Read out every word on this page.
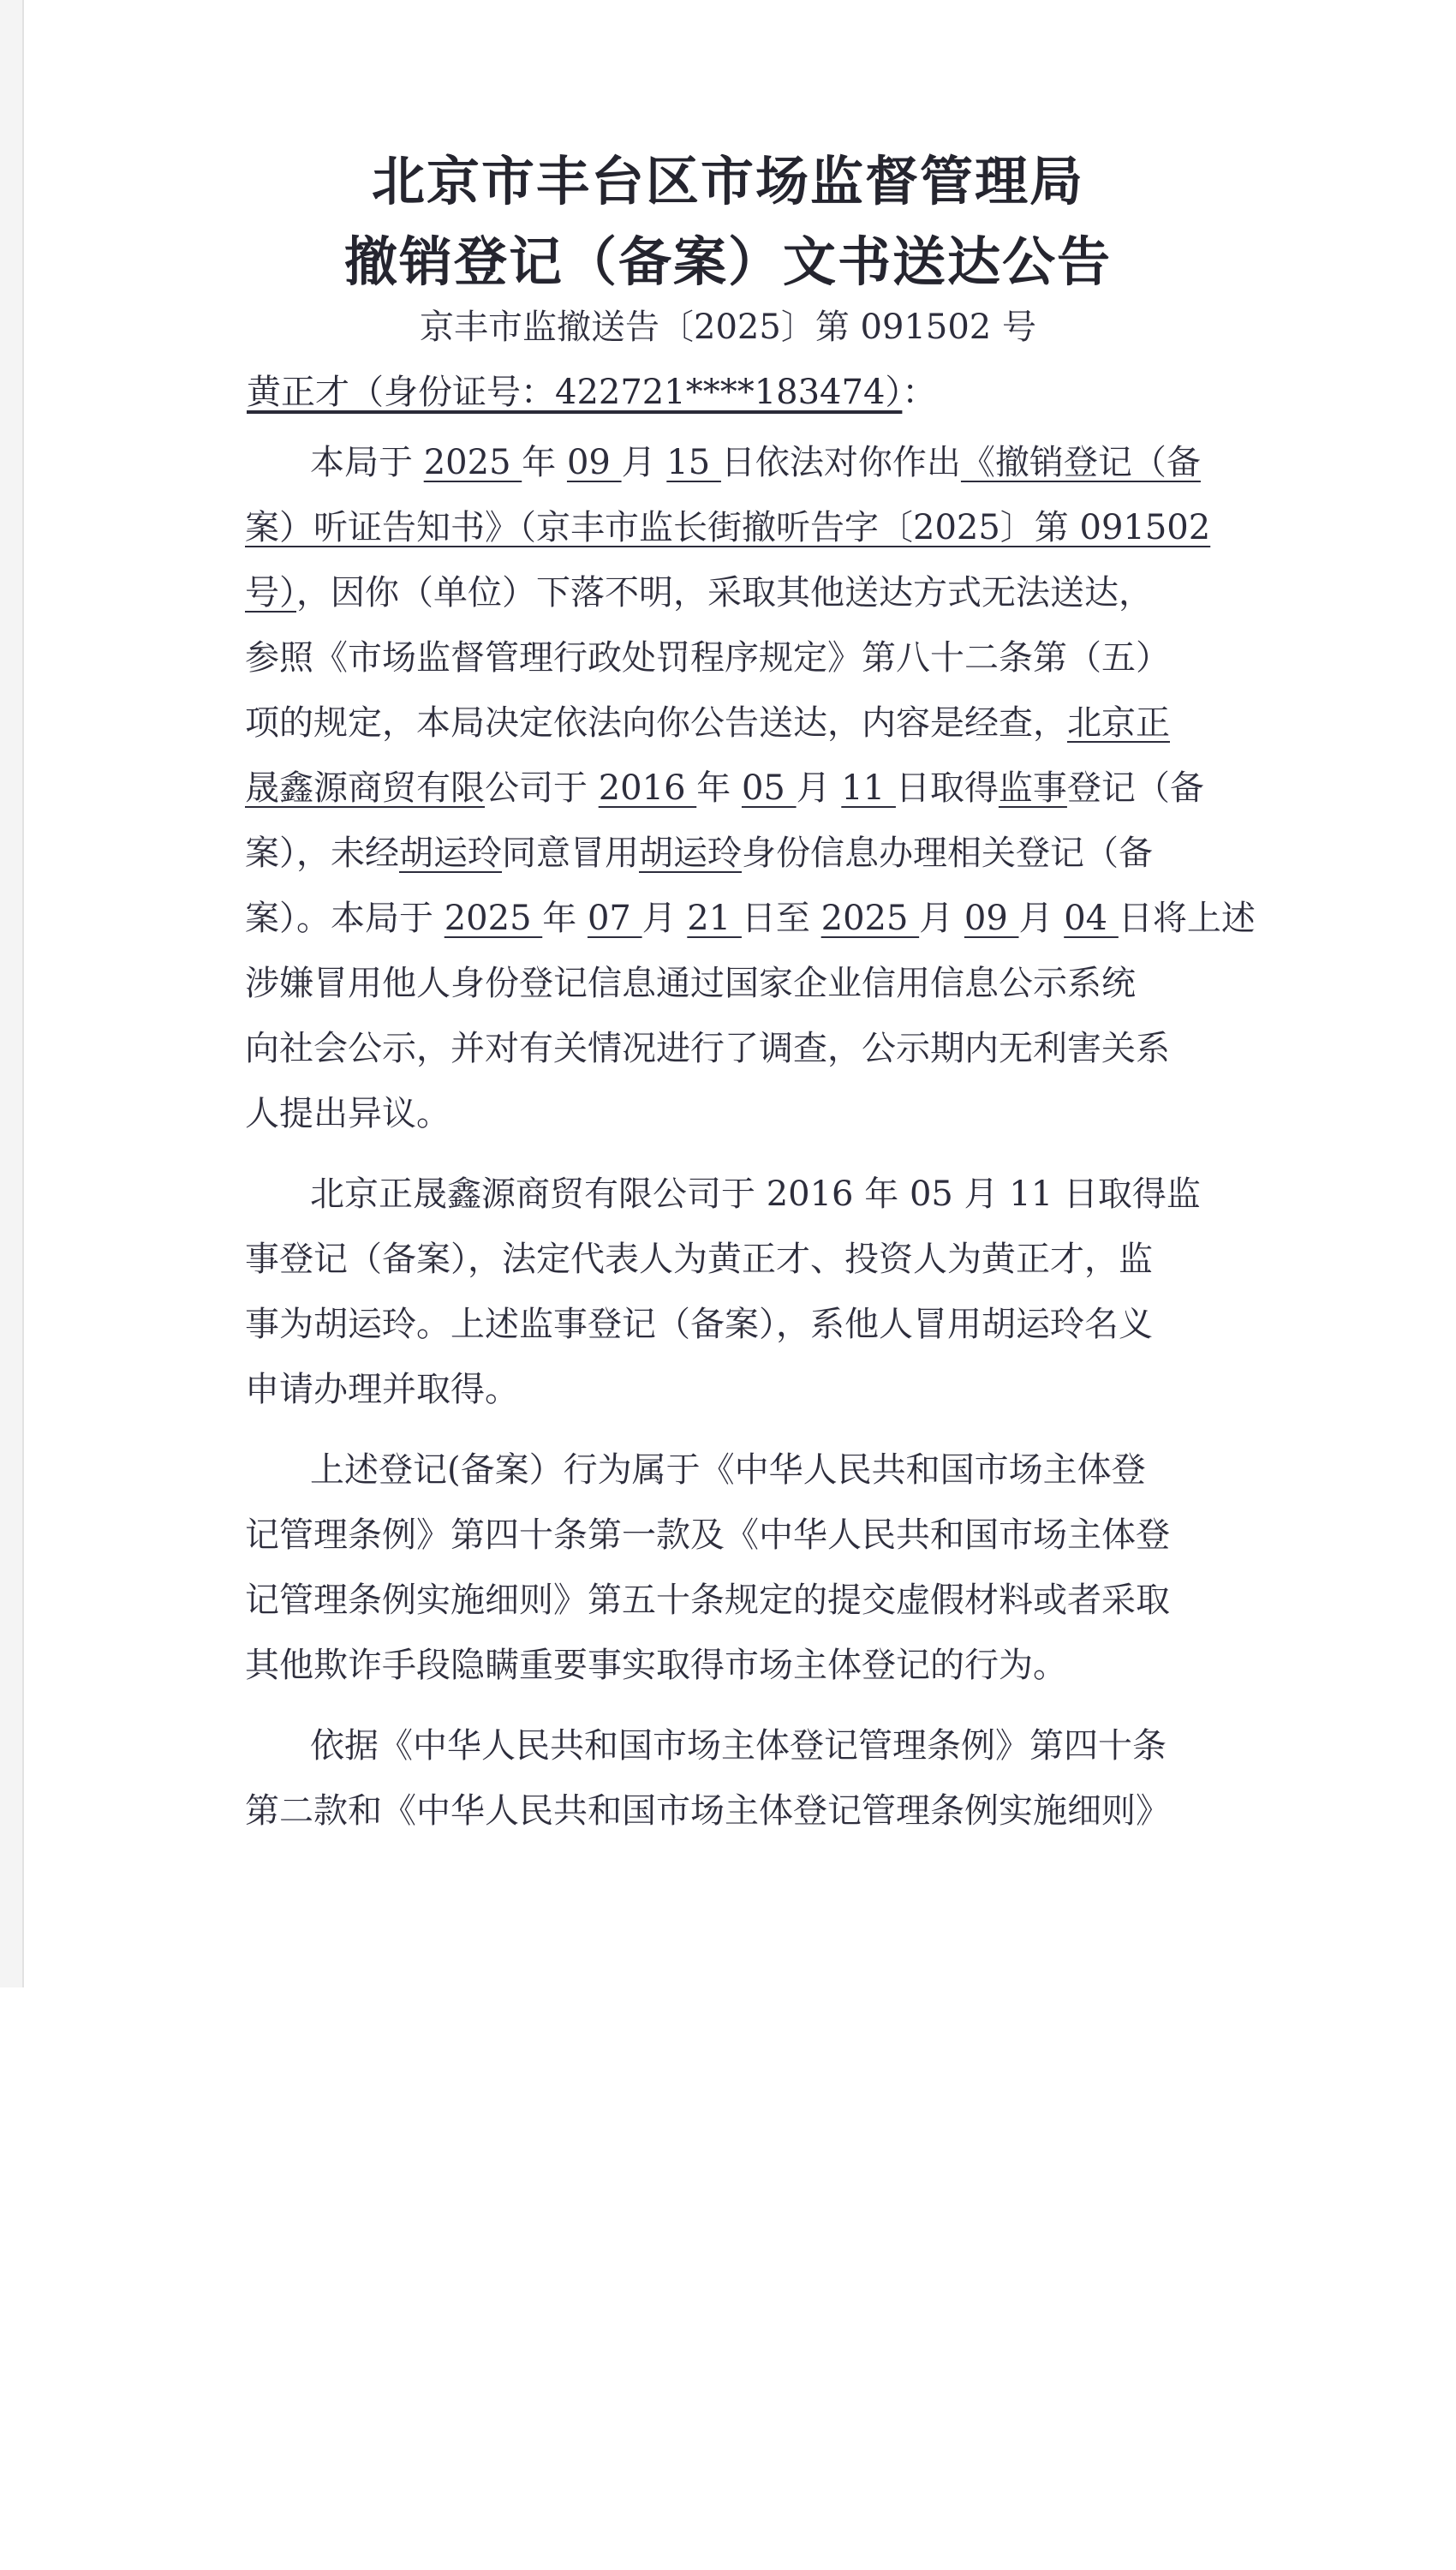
北京市丰台区市场监督管理局
撤销登记（备案）文书送达公告
京丰市监撤送告〔2025〕第 091502 号
黄正才（身份证号：422721****183474）：
本局于 2025 年 09 月 15 日依法对你作出《撤销登记（备
案）听证告知书》（京丰市监长街撤听告字〔2025〕第 091502
号），因你（单位）下落不明，采取其他送达方式无法送达，
参照《市场监督管理行政处罚程序规定》第八十二条第（五）
项的规定，本局决定依法向你公告送达，内容是经查，北京正
晟鑫源商贸有限公司于 2016 年 05 月 11 日取得监事登记（备
案），未经胡运玲同意冒用胡运玲身份信息办理相关登记（备
案）。本局于 2025 年 07 月 21 日至 2025 月 09 月 04 日将上述
涉嫌冒用他人身份登记信息通过国家企业信用信息公示系统
向社会公示，并对有关情况进行了调查，公示期内无利害关系
人提出异议。
北京正晟鑫源商贸有限公司于 2016 年 05 月 11 日取得监
事登记（备案），法定代表人为黄正才、投资人为黄正才，监
事为胡运玲。上述监事登记（备案），系他人冒用胡运玲名义
申请办理并取得。
上述登记(备案）行为属于《中华人民共和国市场主体登
记管理条例》第四十条第一款及《中华人民共和国市场主体登
记管理条例实施细则》第五十条规定的提交虚假材料或者采取
其他欺诈手段隐瞒重要事实取得市场主体登记的行为。
依据《中华人民共和国市场主体登记管理条例》第四十条
第二款和《中华人民共和国市场主体登记管理条例实施细则》
